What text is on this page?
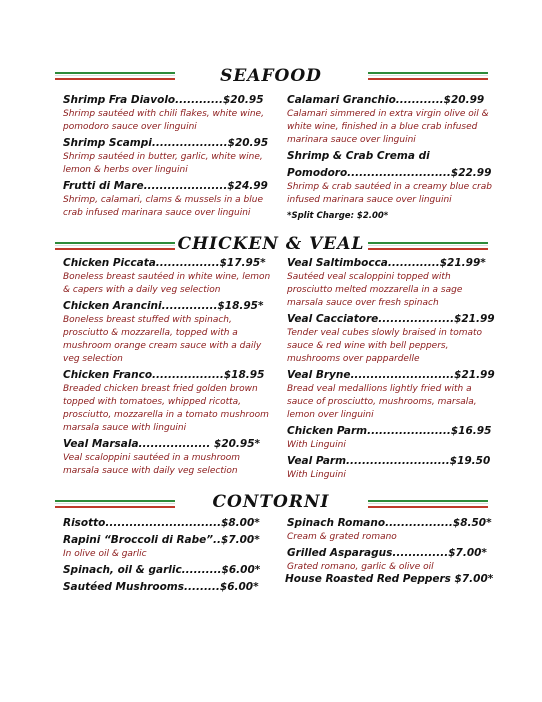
SEAFOOD
Shrimp Fra Diavolo............$20.95
Shrimp sautéed with chili flakes, white wine, pomodoro sauce over linguini
Shrimp Scampi...................$20.95
Shrimp sautéed in butter, garlic, white wine, lemon & herbs over linguini
Frutti di Mare.....................$24.99
Shrimp, calamari, clams & mussels in a blue crab infused marinara sauce over linguini
Calamari Granchio............$20.99
Calamari simmered in extra virgin olive oil & white wine, finished in a blue crab infused marinara sauce over linguini
Shrimp & Crab Crema di
Pomodoro..........................$22.99
Shrimp & crab sautéed in a creamy blue crab infused marinara sauce over linguini
*Split Charge: $2.00*
CHICKEN & VEAL
Chicken Piccata................$17.95*
Boneless breast sautéed in white wine, lemon & capers with a daily veg selection
Chicken Arancini..............$18.95*
Boneless breast stuffed with spinach, prosciutto & mozzarella, topped with a mushroom orange cream sauce with a daily veg selection
Chicken Franco..................$18.95
Breaded chicken breast fried golden brown topped with tomatoes, whipped ricotta, prosciutto, mozzarella in a tomato mushroom marsala sauce with linguini
Veal Marsala.................. $20.95*
Veal scaloppini sautéed in a mushroom marsala sauce with daily veg selection
Veal Saltimbocca.............$21.99*
Sautéed veal scaloppini topped with prosciutto melted mozzarella in a sage marsala sauce over fresh spinach
Veal Cacciatore...................$21.99
Tender veal cubes slowly braised in tomato sauce & red wine with bell peppers, mushrooms over pappardelle
Veal Bryne..........................$21.99
Bread veal medallions lightly fried with a sauce of prosciutto, mushrooms, marsala, lemon over linguini
Chicken Parm.....................$16.95
With Linguini
Veal Parm..........................$19.50
With Linguini
CONTORNI
Risotto.............................$8.00*
Rapini “Broccoli di Rabe”..$7.00*
In olive oil & garlic
Spinach, oil & garlic..........$6.00*
Sautéed Mushrooms.........$6.00*
Spinach Romano.................$8.50*
Cream & grated romano
Grilled Asparagus..............$7.00*
Grated romano, garlic & olive oil
House Roasted Red Peppers $7.00*
